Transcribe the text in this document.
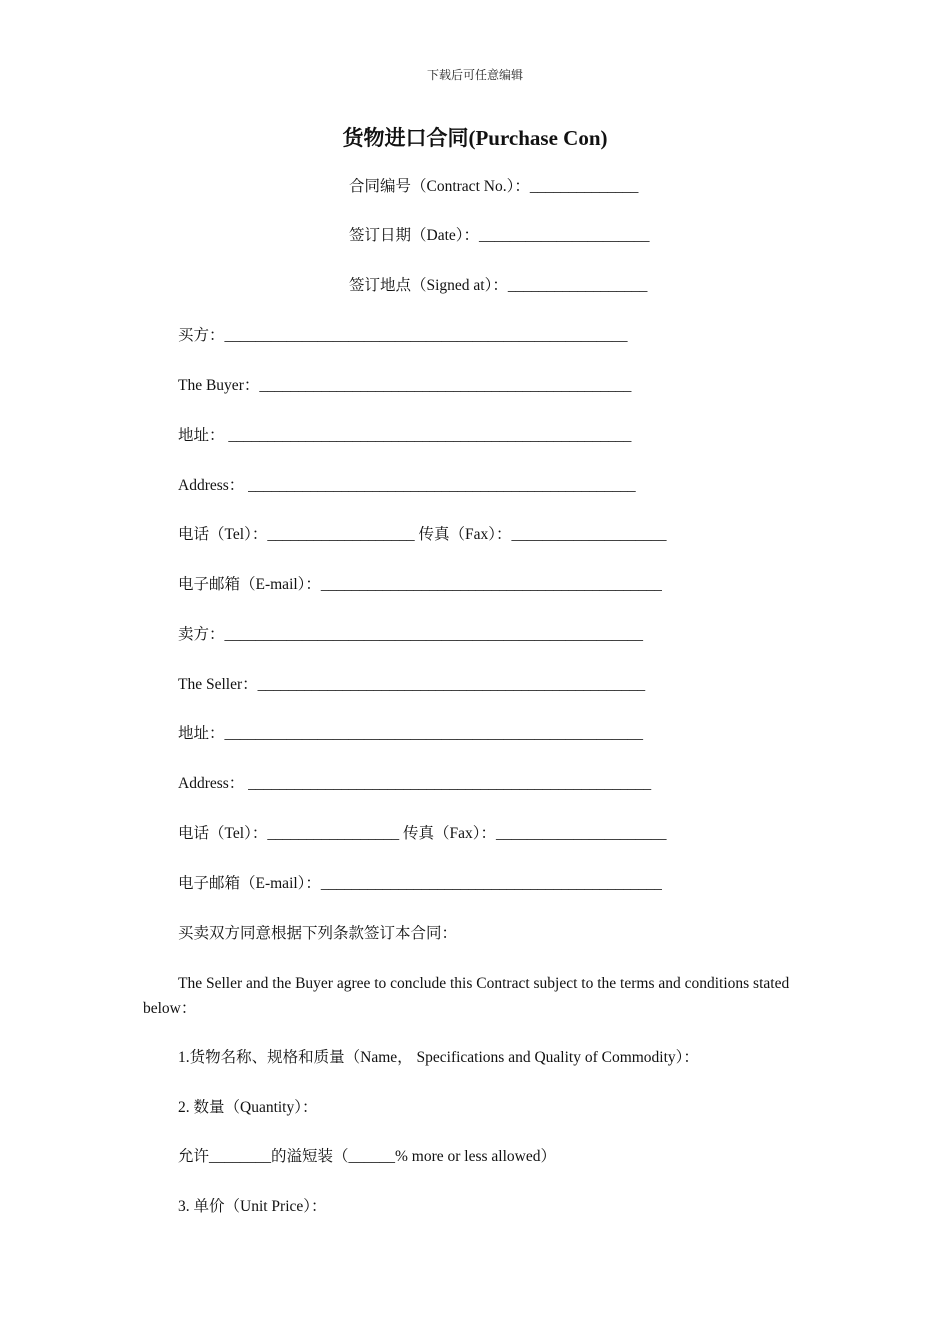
下载后可任意编辑
货物进口合同(Purchase Con)
合同编号（Contract No.）：______________
签订日期（Date）：______________________
签订地点（Signed at）：__________________
买方：____________________________________________________
The Buyer：________________________________________________
地址： ____________________________________________________
Address： __________________________________________________
电话（Tel）：___________________ 传真（Fax）：____________________
电子邮箱（E-mail）：____________________________________________
卖方：______________________________________________________
The Seller：__________________________________________________
地址：______________________________________________________
Address： ____________________________________________________
电话（Tel）：_________________ 传真（Fax）：______________________
电子邮箱（E-mail）：____________________________________________
买卖双方同意根据下列条款签订本合同：
The Seller and the Buyer agree to conclude this Contract subject to the terms and conditions stated below：
1.货物名称、规格和质量（Name， Specifications and Quality of Commodity）：
2. 数量（Quantity）：
允许________的溢短装（______% more or less allowed）
3. 单价（Unit Price）：
